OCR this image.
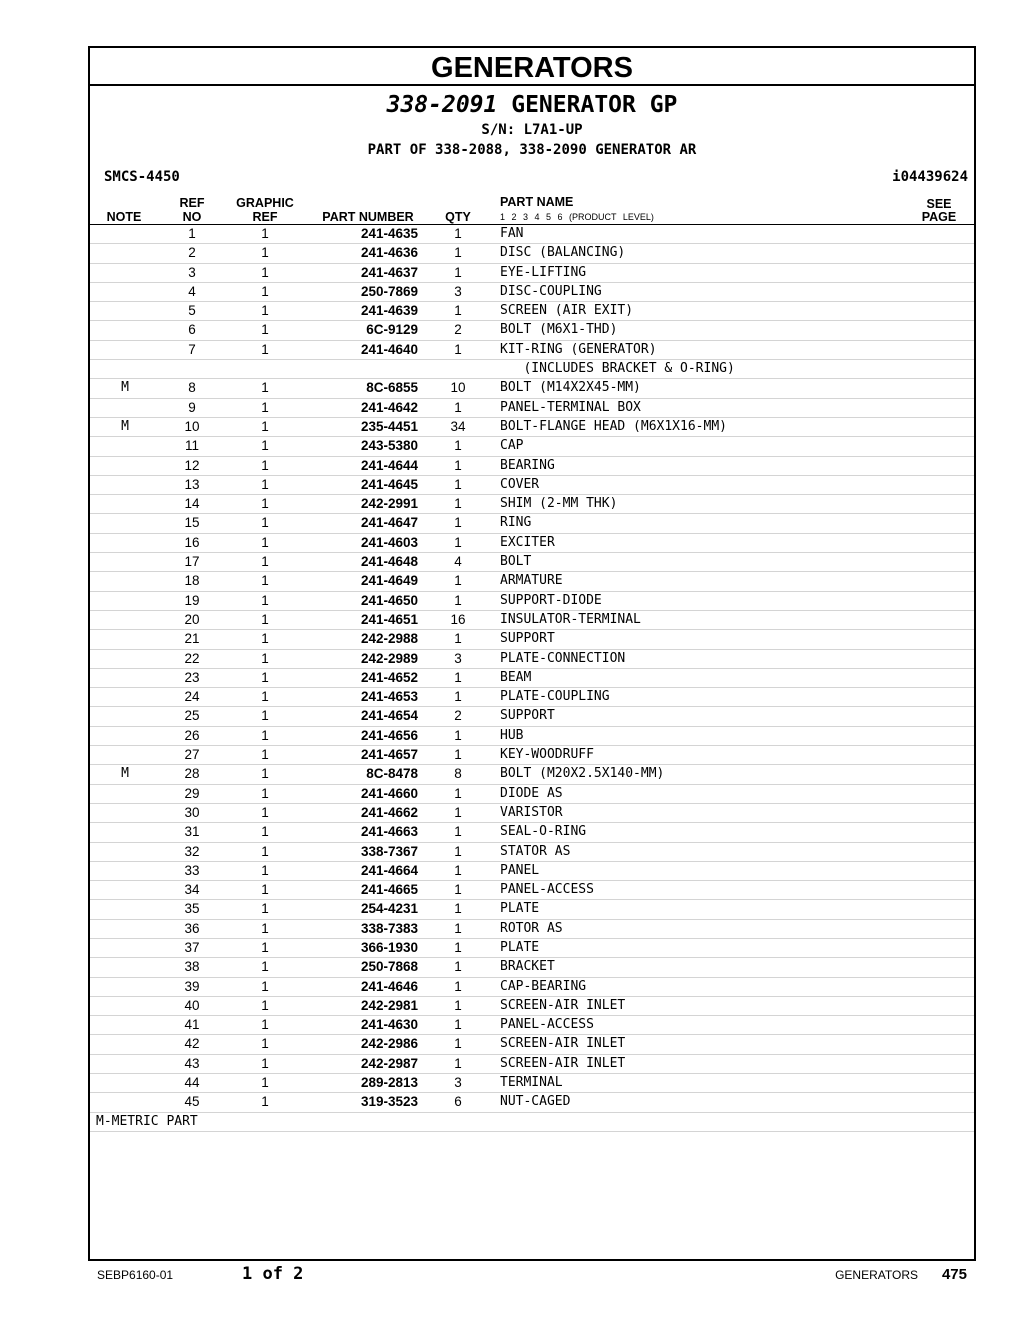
GENERATORS
338-2091 GENERATOR GP
S/N: L7A1-UP
PART OF 338-2088, 338-2090 GENERATOR AR
SMCS-4450	i04439624
NOTE
REF
NO
GRAPHIC
REF	PART NUMBER	QTY
PART NAME
1 2 3 4 5 6 (PRODUCT LEVEL)
SEE
PAGE
1	1	241-4635	1	FAN
2	1	241-4636	1	DISC (BALANCING)
3	1	241-4637	1	EYE-LIFTING
4	1	250-7869	3	DISC-COUPLING
5	1	241-4639	1	SCREEN (AIR EXIT)
6	1	6C-9129	2	BOLT (M6X1-THD)
7	1	241-4640	1	KIT-RING (GENERATOR)
(INCLUDES BRACKET & O-RING)
M	8	1	8C-6855	10	BOLT (M14X2X45-MM)
9	1	241-4642	1	PANEL-TERMINAL BOX
M	10	1	235-4451	34	BOLT-FLANGE HEAD (M6X1X16-MM)
11	1	243-5380	1	CAP
12	1	241-4644	1	BEARING
13	1	241-4645	1	COVER
14	1	242-2991	1	SHIM (2-MM THK)
15	1	241-4647	1	RING
16	1	241-4603	1	EXCITER
17	1	241-4648	4	BOLT
18	1	241-4649	1	ARMATURE
19	1	241-4650	1	SUPPORT-DIODE
20	1	241-4651	16	INSULATOR-TERMINAL
21	1	242-2988	1	SUPPORT
22	1	242-2989	3	PLATE-CONNECTION
23	1	241-4652	1	BEAM
24	1	241-4653	1	PLATE-COUPLING
25	1	241-4654	2	SUPPORT
26	1	241-4656	1	HUB
27	1	241-4657	1	KEY-WOODRUFF
M	28	1	8C-8478	8	BOLT (M20X2.5X140-MM)
29	1	241-4660	1	DIODE AS
30	1	241-4662	1	VARISTOR
31	1	241-4663	1	SEAL-O-RING
32	1	338-7367	1	STATOR AS
33	1	241-4664	1	PANEL
34	1	241-4665	1	PANEL-ACCESS
35	1	254-4231	1	PLATE
36	1	338-7383	1	ROTOR AS
37	1	366-1930	1	PLATE
38	1	250-7868	1	BRACKET
39	1	241-4646	1	CAP-BEARING
40	1	242-2981	1	SCREEN-AIR INLET
41	1	241-4630	1	PANEL-ACCESS
42	1	242-2986	1	SCREEN-AIR INLET
43	1	242-2987	1	SCREEN-AIR INLET
44	1	289-2813	3	TERMINAL
45	1	319-3523	6	NUT-CAGED
M-METRIC PART
SEBP6160-01	1 of 2	GENERATORS 475
